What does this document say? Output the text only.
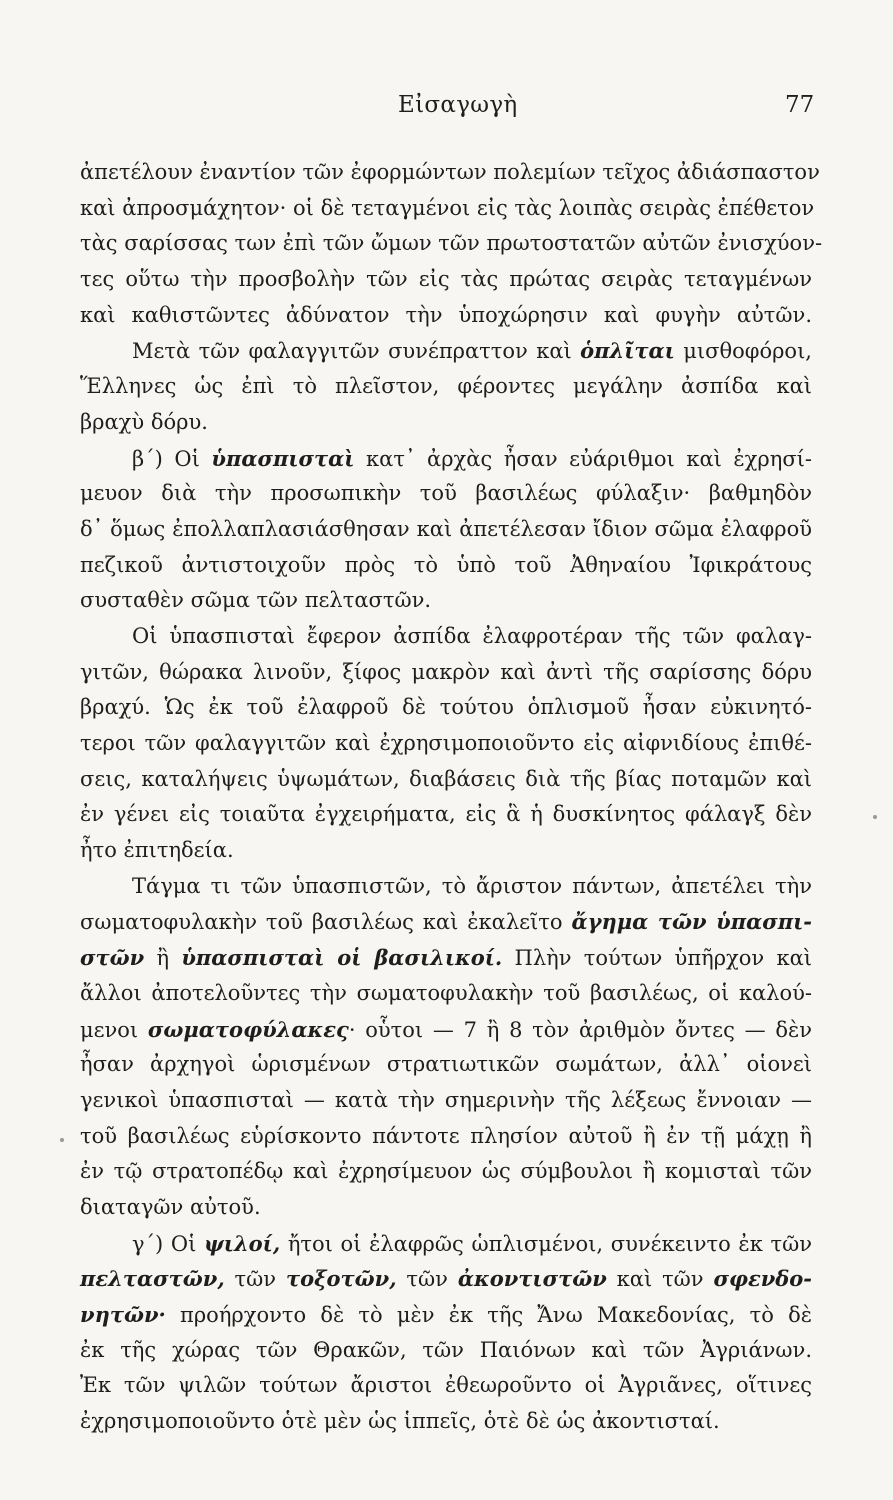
Εἰσαγωγὴ	77
ἀπετέλουν ἐναντίον τῶν ἐφορμώντων πολεμίων τεῖχος ἀδιάσπαστον
καὶ ἀπροσμάχητον· οἱ δὲ τεταγμένοι εἰς τὰς λοιπὰς σειρὰς ἐπέθετον
τὰς σαρίσσας των ἐπὶ τῶν ὤμων τῶν πρωτοστατῶν αὐτῶν ἐνισχύον-
τες οὕτω τὴν προσβολὴν τῶν εἰς τὰς πρώτας σειρὰς τεταγμένων
καὶ καθιστῶντες ἀδύνατον τὴν ὑποχώρησιν καὶ φυγὴν αὐτῶν.
Μετὰ τῶν φαλαγγιτῶν συνέπραττον καὶ ὁπλῖται μισθοφόροι,
Ἕλληνες ὡς ἐπὶ τὸ πλεῖστον, φέροντες μεγάλην ἀσπίδα καὶ
βραχὺ δόρυ.
β΄) Οἱ ὑπασπισταὶ κατ᾿ ἀρχὰς ἦσαν εὐάριθμοι καὶ ἐχρησί-
μευον διὰ τὴν προσωπικὴν τοῦ βασιλέως φύλαξιν· βαθμηδὸν
δ᾿ ὅμως ἐπολλαπλασιάσθησαν καὶ ἀπετέλεσαν ἴδιον σῶμα ἐλαφροῦ
πεζικοῦ ἀντιστοιχοῦν πρὸς τὸ ὑπὸ τοῦ Ἀθηναίου Ἰφικράτους
συσταθὲν σῶμα τῶν πελταστῶν.
Οἱ ὑπασπισταὶ ἔφερον ἀσπίδα ἐλαφροτέραν τῆς τῶν φαλαγ-
γιτῶν, θώρακα λινοῦν, ξίφος μακρὸν καὶ ἀντὶ τῆς σαρίσσης δόρυ
βραχύ. Ὡς ἐκ τοῦ ἐλαφροῦ δὲ τούτου ὁπλισμοῦ ἦσαν εὐκινητό-
τεροι τῶν φαλαγγιτῶν καὶ ἐχρησιμοποιοῦντο εἰς αἰφνιδίους ἐπιθέ-
σεις, καταλήψεις ὑψωμάτων, διαβάσεις διὰ τῆς βίας ποταμῶν καὶ
ἐν γένει εἰς τοιαῦτα ἐγχειρήματα, εἰς ἃ ἡ δυσκίνητος φάλαγξ δὲν
ἦτο ἐπιτηδεία.
Τάγμα τι τῶν ὑπασπιστῶν, τὸ ἄριστον πάντων, ἀπετέλει τὴν
σωματοφυλακὴν τοῦ βασιλέως καὶ ἐκαλεῖτο ἄγημα τῶν ὑπασπι-
στῶν ἢ ὑπασπισταὶ οἱ βασιλικοί. Πλὴν τούτων ὑπῆρχον καὶ
ἄλλοι ἀποτελοῦντες τὴν σωματοφυλακὴν τοῦ βασιλέως, οἱ καλού-
μενοι σωματοφύλακες· οὗτοι — 7 ἢ 8 τὸν ἀριθμὸν ὄντες — δὲν
ἦσαν ἀρχηγοὶ ὡρισμένων στρατιωτικῶν σωμάτων, ἀλλ᾿ οἱονεὶ
γενικοὶ ὑπασπισταὶ — κατὰ τὴν σημερινὴν τῆς λέξεως ἔννοιαν —
τοῦ βασιλέως εὑρίσκοντο πάντοτε πλησίον αὐτοῦ ἢ ἐν τῇ μάχῃ ἢ
ἐν τῷ στρατοπέδῳ καὶ ἐχρησίμευον ὡς σύμβουλοι ἢ κομισταὶ τῶν
διαταγῶν αὐτοῦ.
γ΄) Οἱ ψιλοί, ἤτοι οἱ ἐλαφρῶς ὡπλισμένοι, συνέκειντο ἐκ τῶν
πελταστῶν, τῶν τοξοτῶν, τῶν ἀκοντιστῶν καὶ τῶν σφενδο-
νητῶν· προήρχοντο δὲ τὸ μὲν ἐκ τῆς Ἄνω Μακεδονίας, τὸ δὲ
ἐκ τῆς χώρας τῶν Θρακῶν, τῶν Παιόνων καὶ τῶν Ἀγριάνων.
Ἐκ τῶν ψιλῶν τούτων ἄριστοι ἐθεωροῦντο οἱ Ἀγριᾶνες, οἵτινες
ἐχρησιμοποιοῦντο ὁτὲ μὲν ὡς ἱππεῖς, ὁτὲ δὲ ὡς ἀκοντισταί.
